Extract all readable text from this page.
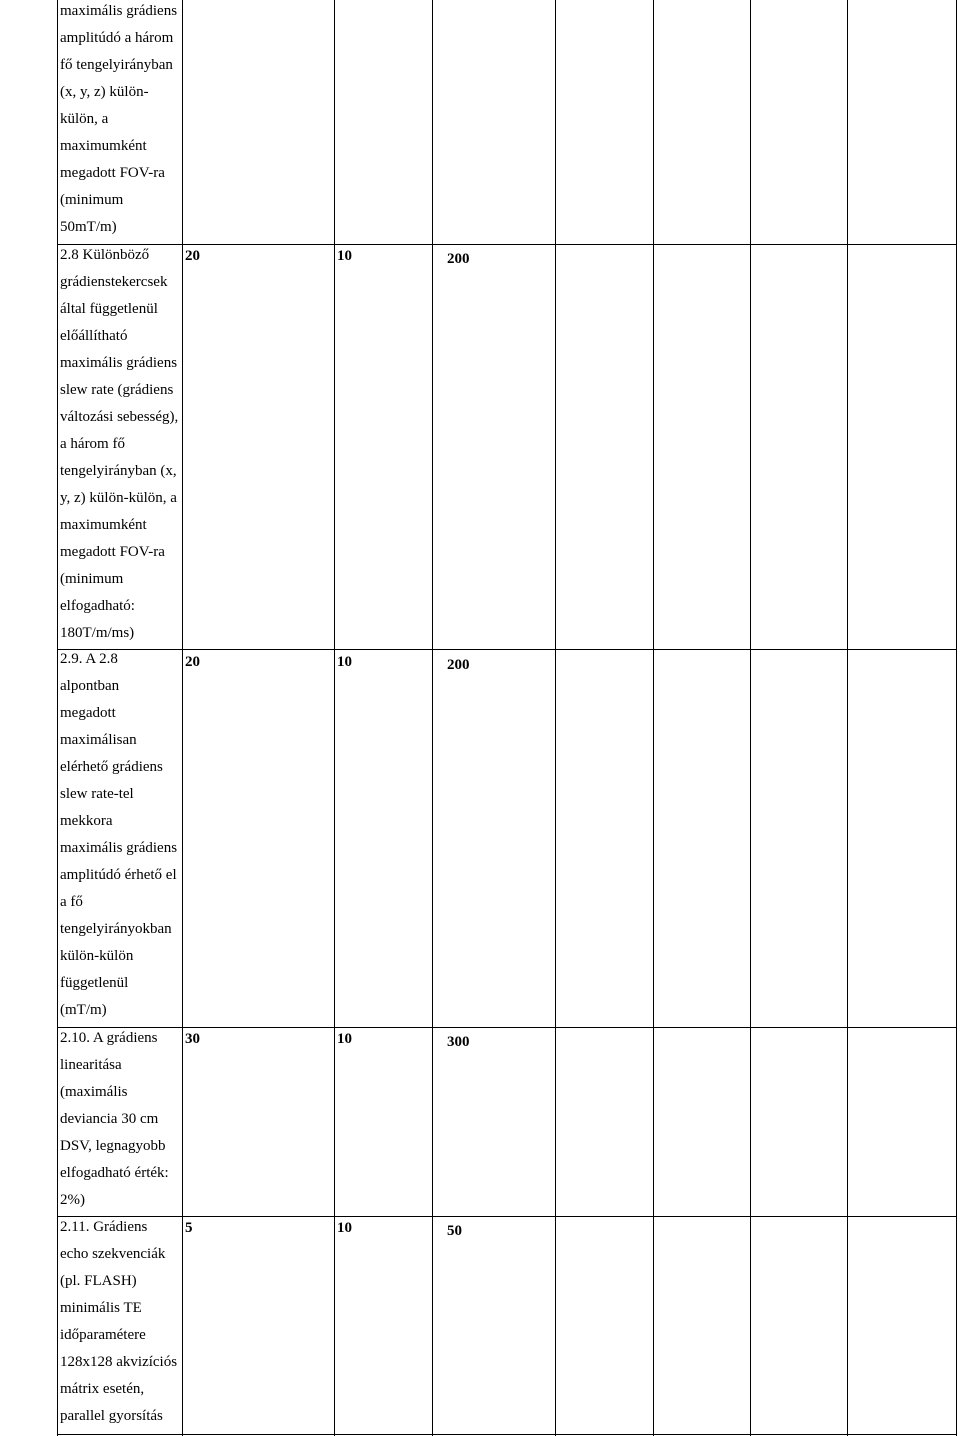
maximális grádiens
amplitúdó a három
fő tengelyirányban
(x, y, z) külön-
külön, a
maximumként
megadott FOV-ra
(minimum
50mT/m)
2.8 Különböző
grádienstekercsek
által függetlenül
előállítható
maximális grádiens
slew rate (grádiens
változási sebesség),
a három fő
tengelyirányban (x,
y, z) külön-külön, a
maximumként
megadott FOV-ra
(minimum
elfogadható:
180T/m/ms)
20	10	200
2.9. A 2.8
alpontban
megadott
maximálisan
elérhető grádiens
slew rate-tel
mekkora
maximális grádiens
amplitúdó érhető el
a fő
tengelyirányokban
külön-külön
függetlenül
(mT/m)
20	10	200
2.10. A grádiens
linearitása
(maximális
deviancia 30 cm
DSV, legnagyobb
elfogadható érték:
2%)
30	10	300
2.11. Grádiens
echo szekvenciák
(pl. FLASH)
minimális TE
időparamétere
128x128 akvizíciós
mátrix esetén,
parallel gyorsítás
5	10	50
